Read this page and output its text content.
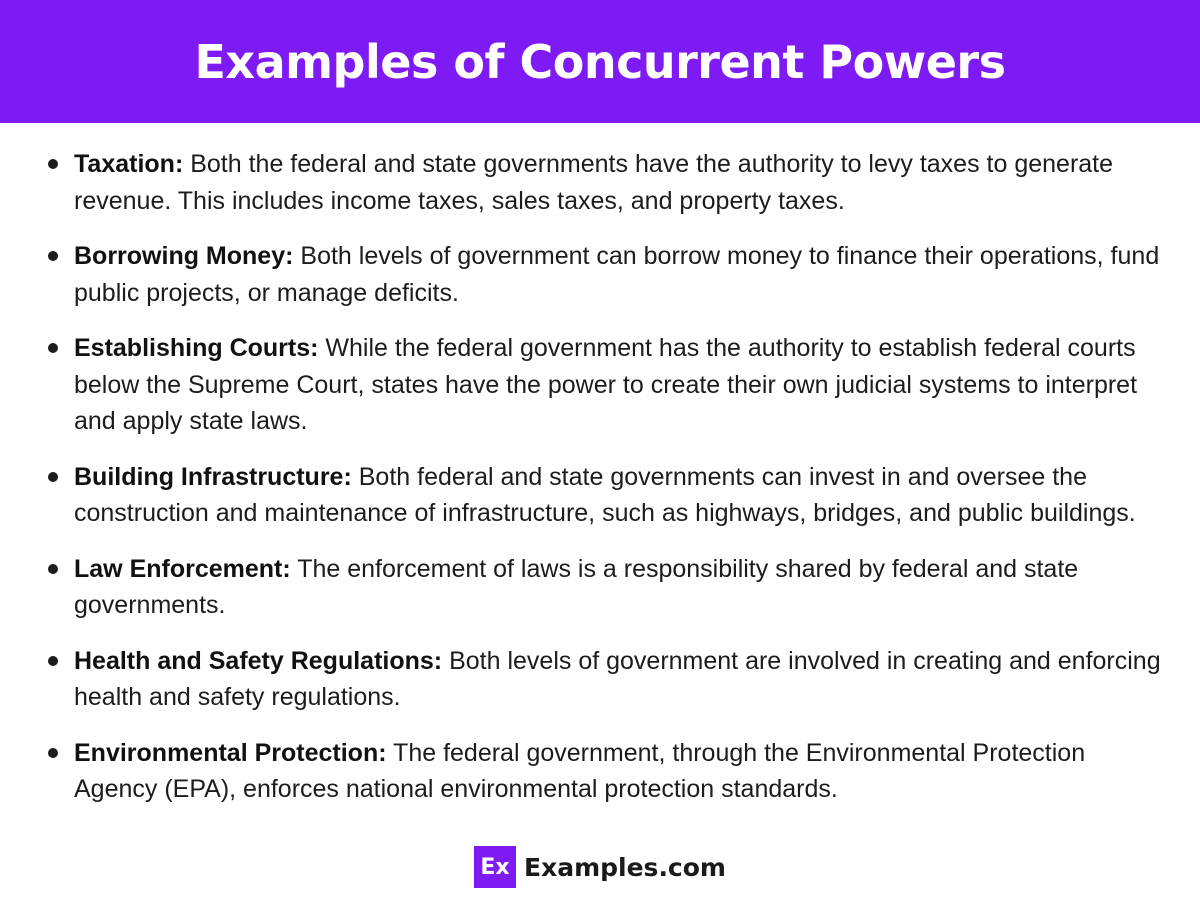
Examples of Concurrent Powers
Taxation: Both the federal and state governments have the authority to levy taxes to generate revenue. This includes income taxes, sales taxes, and property taxes.
Borrowing Money: Both levels of government can borrow money to finance their operations, fund public projects, or manage deficits.
Establishing Courts: While the federal government has the authority to establish federal courts below the Supreme Court, states have the power to create their own judicial systems to interpret and apply state laws.
Building Infrastructure: Both federal and state governments can invest in and oversee the construction and maintenance of infrastructure, such as highways, bridges, and public buildings.
Law Enforcement: The enforcement of laws is a responsibility shared by federal and state governments.
Health and Safety Regulations: Both levels of government are involved in creating and enforcing health and safety regulations.
Environmental Protection: The federal government, through the Environmental Protection Agency (EPA), enforces national environmental protection standards.
Ex Examples.com
